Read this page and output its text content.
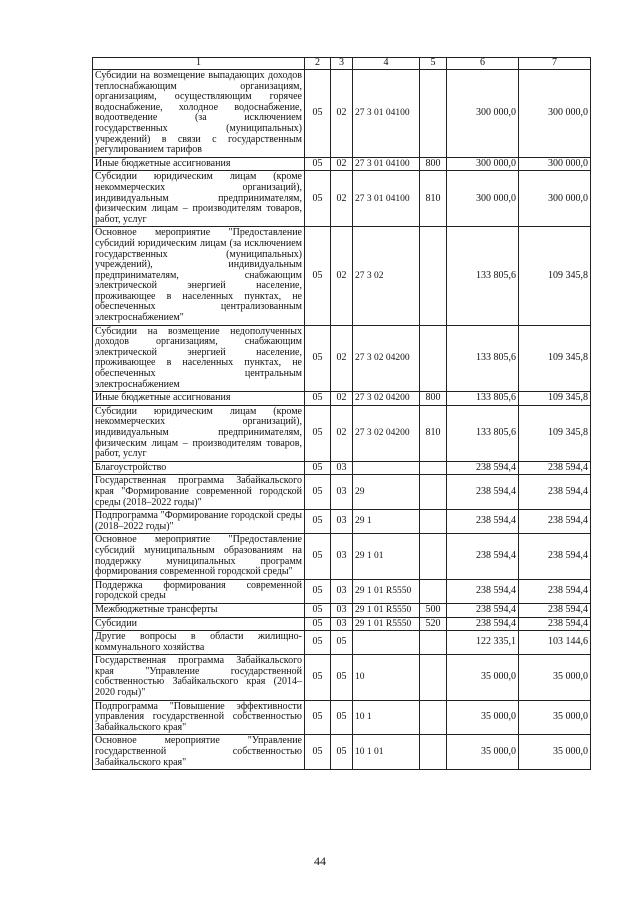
1	2	3	4	5	6	7
Субсидии на возмещение выпадающих доходов теплоснабжающим организациям, организациям, осуществляющим горячее водоснабжение, холодное водоснабжение, водоотведение (за исключением государственных (муниципальных) учреждений) в связи с государственным регулированием тарифов	05	02	27 3 01 04100		300 000,0	300 000,0
Иные бюджетные ассигнования	05	02	27 3 01 04100	800	300 000,0	300 000,0
Субсидии юридическим лицам (кроме некоммерческих организаций), индивидуальным предпринимателям, физическим лицам – производителям товаров, работ, услуг	05	02	27 3 01 04100	810	300 000,0	300 000,0
Основное мероприятие "Предоставление субсидий юридическим лицам (за исключением государственных (муниципальных) учреждений), индивидуальным предпринимателям, снабжающим электрической энергией население, проживающее в населенных пунктах, не обеспеченных централизованным электроснабжением"	05	02	27 3 02		133 805,6	109 345,8
Субсидии на возмещение недополученных доходов организациям, снабжающим электрической энергией население, проживающее в населенных пунктах, не обеспеченных центральным электроснабжением	05	02	27 3 02 04200		133 805,6	109 345,8
Иные бюджетные ассигнования	05	02	27 3 02 04200	800	133 805,6	109 345,8
Субсидии юридическим лицам (кроме некоммерческих организаций), индивидуальным предпринимателям, физическим лицам – производителям товаров, работ, услуг	05	02	27 3 02 04200	810	133 805,6	109 345,8
Благоустройство	05	03			238 594,4	238 594,4
Государственная программа Забайкальского края "Формирование современной городской среды (2018–2022 годы)"	05	03	29		238 594,4	238 594,4
Подпрограмма "Формирование городской среды (2018–2022 годы)"	05	03	29 1		238 594,4	238 594,4
Основное мероприятие "Предоставление субсидий муниципальным образованиям на поддержку муниципальных программ формирования современной городской среды"	05	03	29 1 01		238 594,4	238 594,4
Поддержка формирования современной городской среды	05	03	29 1 01 R5550		238 594,4	238 594,4
Межбюджетные трансферты	05	03	29 1 01 R5550	500	238 594,4	238 594,4
Субсидии	05	03	29 1 01 R5550	520	238 594,4	238 594,4
Другие вопросы в области жилищно-коммунального хозяйства	05	05			122 335,1	103 144,6
Государственная программа Забайкальского края "Управление государственной собственностью Забайкальского края (2014–2020 годы)"	05	05	10		35 000,0	35 000,0
Подпрограмма "Повышение эффективности управления государственной собственностью Забайкальского края"	05	05	10 1		35 000,0	35 000,0
Основное мероприятие "Управление государственной собственностью Забайкальского края"	05	05	10 1 01		35 000,0	35 000,0
44
